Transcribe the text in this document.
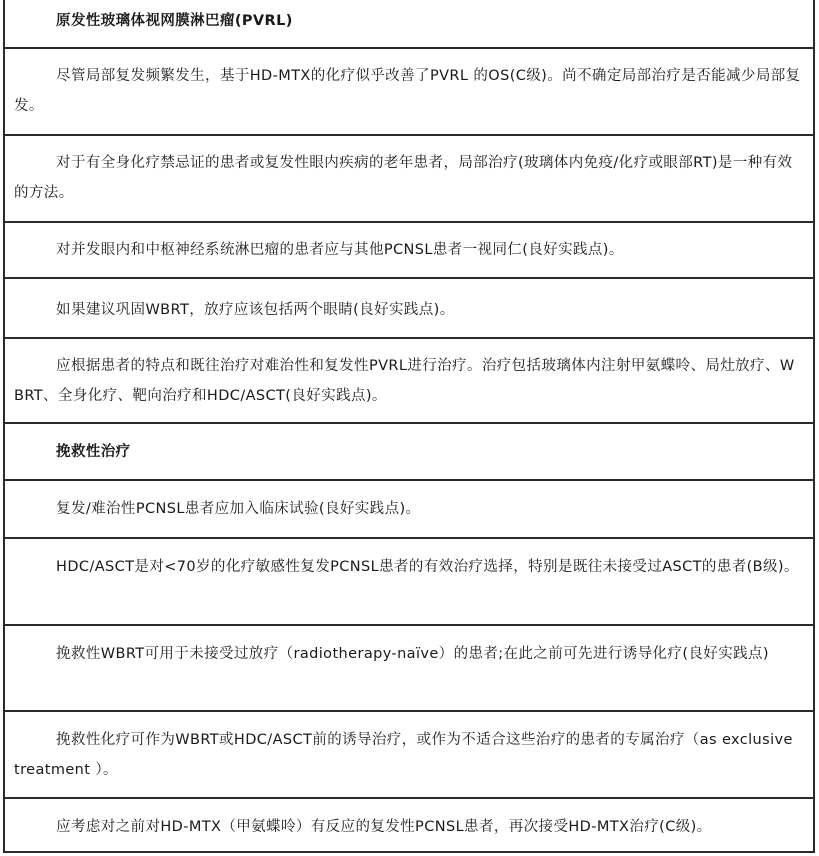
原发性玻璃体视网膜淋巴瘤(PVRL)
尽管局部复发频繁发生，基于HD-MTX的化疗似乎改善了PVRL 的OS(C级)。尚不确定局部治疗是否能减少局部复发。
对于有全身化疗禁忌证的患者或复发性眼内疾病的老年患者，局部治疗(玻璃体内免疫/化疗或眼部RT)是一种有效的方法。
对并发眼内和中枢神经系统淋巴瘤的患者应与其他PCNSL患者一视同仁(良好实践点)。
如果建议巩固WBRT，放疗应该包括两个眼睛(良好实践点)。
应根据患者的特点和既往治疗对难治性和复发性PVRL进行治疗。治疗包括玻璃体内注射甲氨蝶呤、局灶放疗、WBRT、全身化疗、靶向治疗和HDC/ASCT(良好实践点)。
挽救性治疗
复发/难治性PCNSL患者应加入临床试验(良好实践点)。
HDC/ASCT是对<70岁的化疗敏感性复发PCNSL患者的有效治疗选择，特别是既往未接受过ASCT的患者(B级)。
挽救性WBRT可用于未接受过放疗（radiotherapy-naïve）的患者;在此之前可先进行诱导化疗(良好实践点)
挽救性化疗可作为WBRT或HDC/ASCT前的诱导治疗，或作为不适合这些治疗的患者的专属治疗（as exclusive treatment ）。
应考虑对之前对HD-MTX（甲氨蝶呤）有反应的复发性PCNSL患者，再次接受HD-MTX治疗(C级)。
